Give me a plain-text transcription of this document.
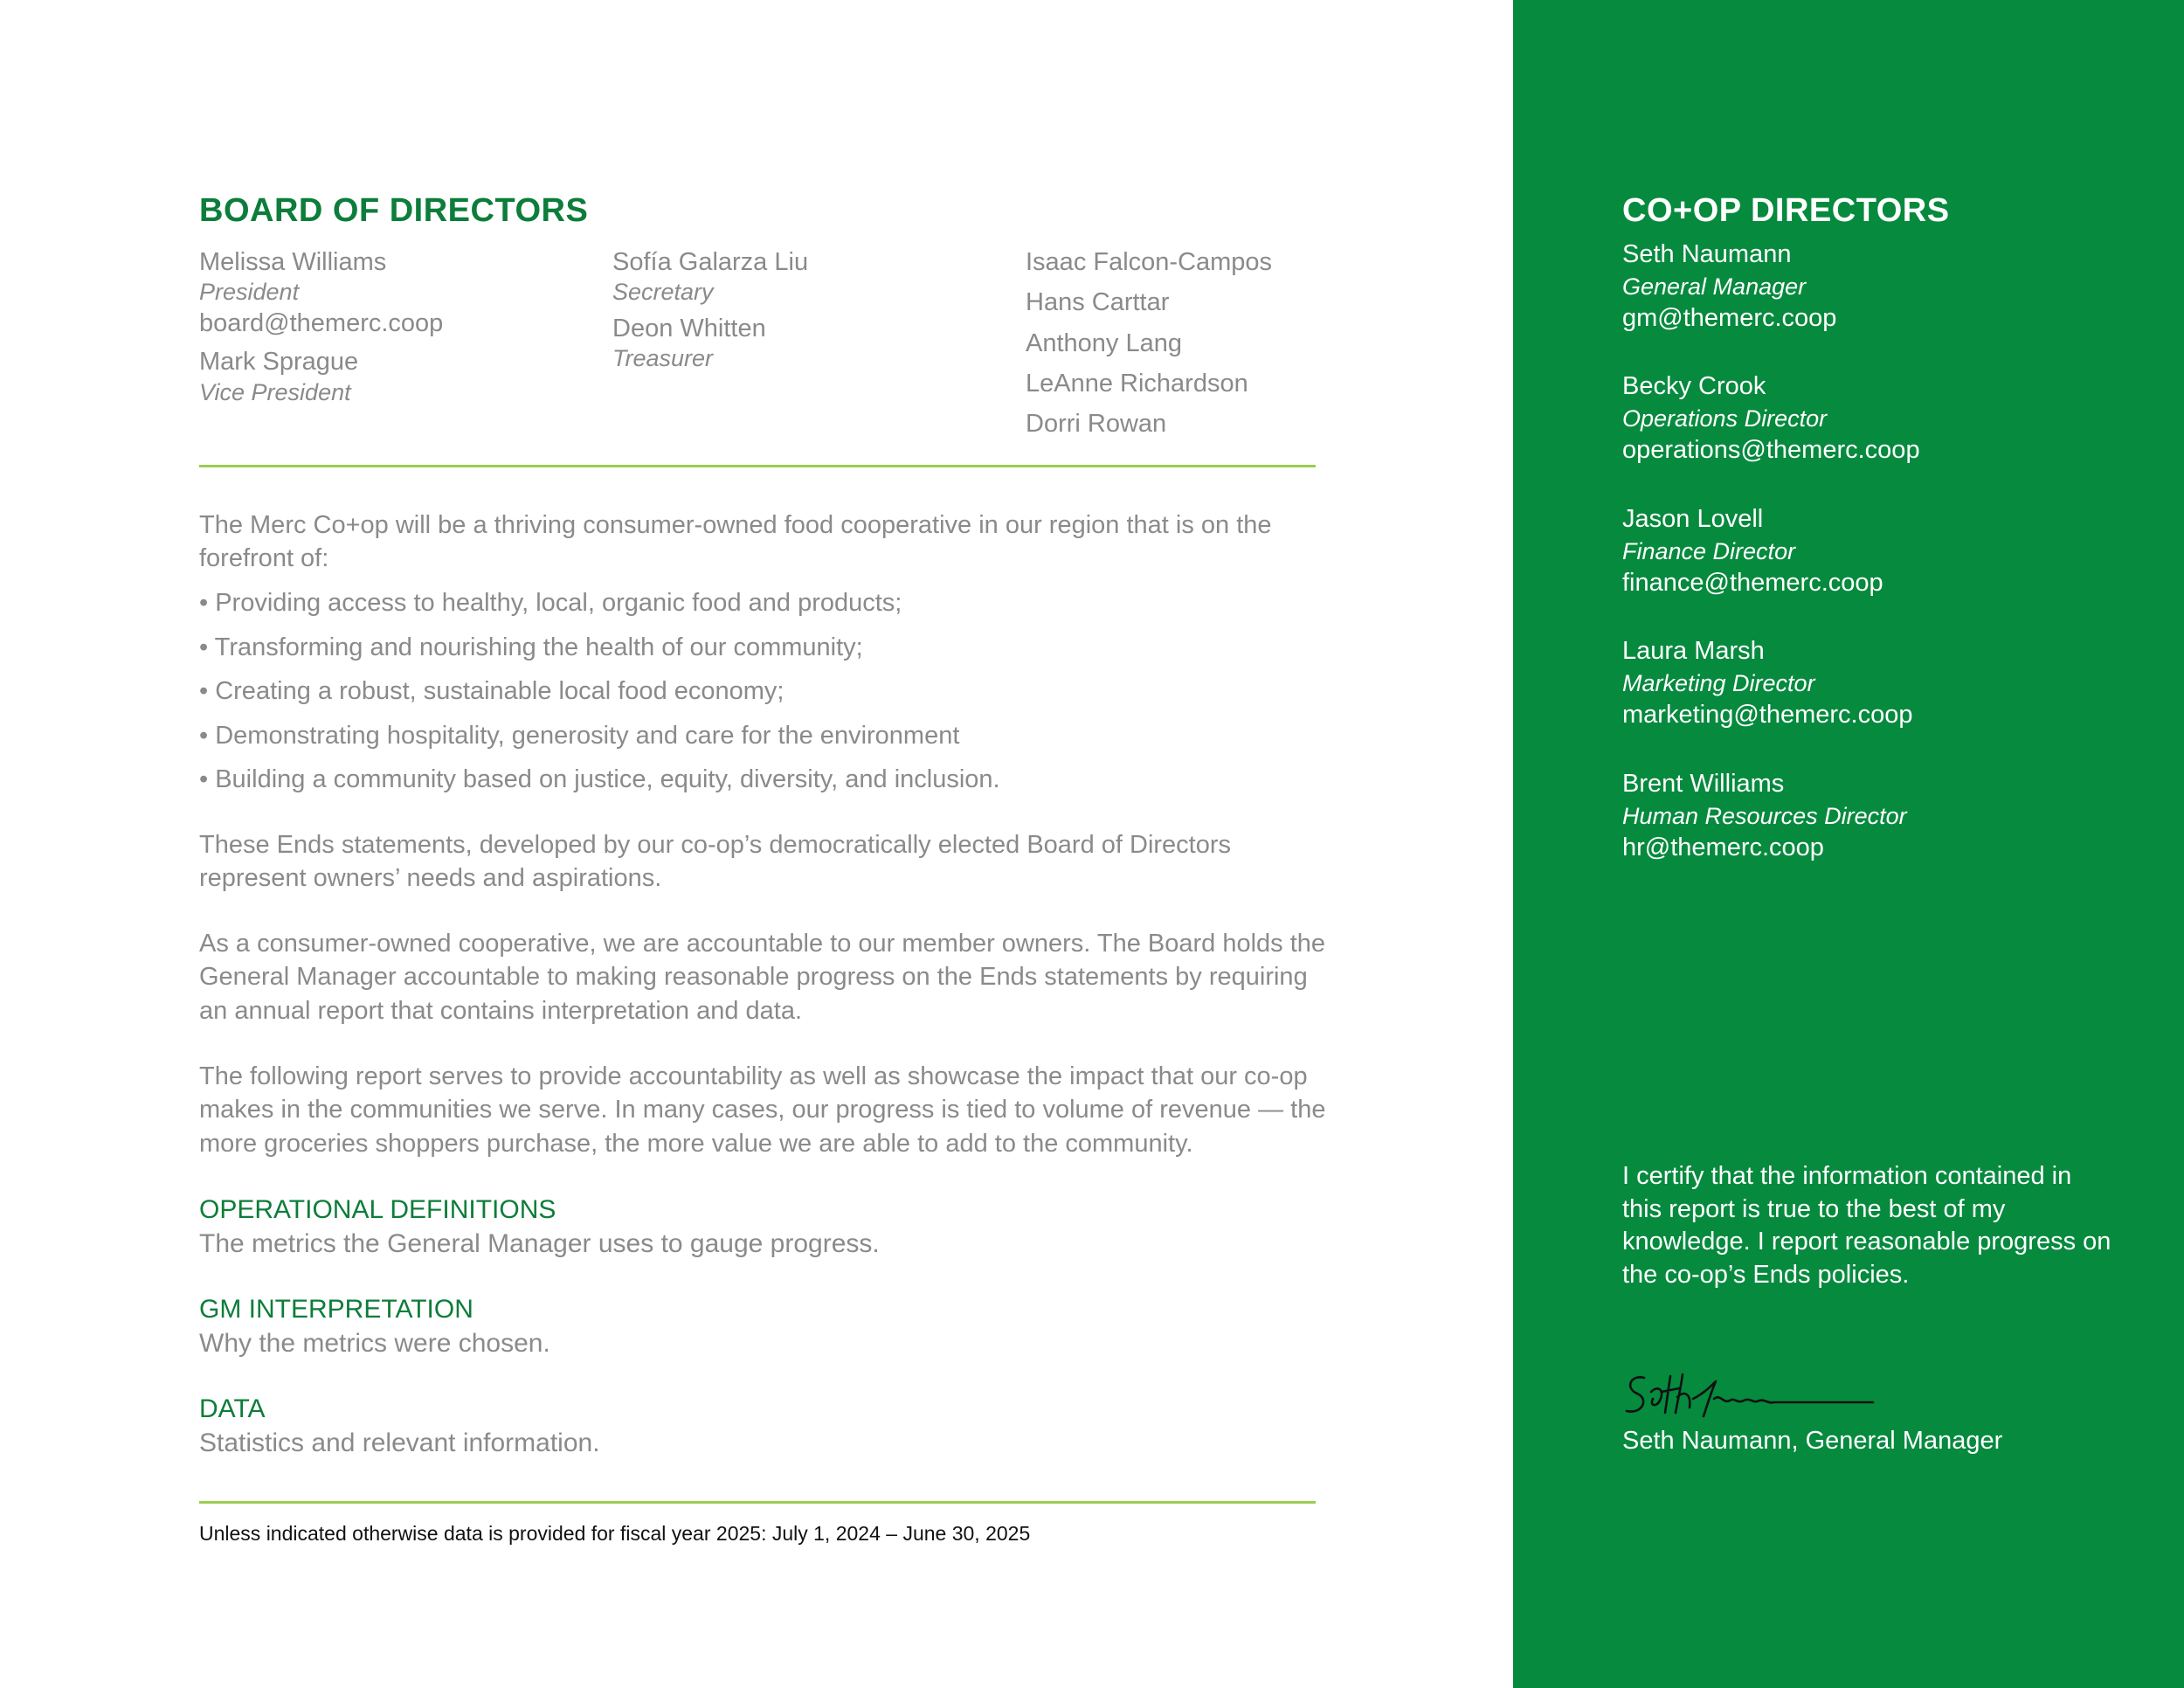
BOARD OF DIRECTORS
Melissa Williams
President
board@themerc.coop
Mark Sprague
Vice President
Sofía Galarza Liu
Secretary
Deon Whitten
Treasurer
Isaac Falcon-Campos
Hans Carttar
Anthony Lang
LeAnne Richardson
Dorri Rowan

The Merc Co+op will be a thriving consumer-owned food cooperative in our region that is on the forefront of:

• Providing access to healthy, local, organic food and products;
• Transforming and nourishing the health of our community;
• Creating a robust, sustainable local food economy;
• Demonstrating hospitality, generosity and care for the environment
• Building a community based on justice, equity, diversity, and inclusion.

These Ends statements, developed by our co-op’s democratically elected Board of Directors represent owners’ needs and aspirations.

As a consumer-owned cooperative, we are accountable to our member owners. The Board holds the General Manager accountable to making reasonable progress on the Ends statements by requiring an annual report that contains interpretation and data.

The following report serves to provide accountability as well as showcase the impact that our co-op makes in the communities we serve. In many cases, our progress is tied to volume of revenue — the more groceries shoppers purchase, the more value we are able to add to the community.

OPERATIONAL DEFINITIONS
The metrics the General Manager uses to gauge progress.
GM INTERPRETATION
Why the metrics were chosen.
DATA
Statistics and relevant information.
Unless indicated otherwise data is provided for fiscal year 2025: July 1, 2024 – June 30, 2025
CO+OP DIRECTORS
Seth Naumann
General Manager
gm@themerc.coop
Becky Crook
Operations Director
operations@themerc.coop
Jason Lovell
Finance Director
finance@themerc.coop
Laura Marsh
Marketing Director
marketing@themerc.coop
Brent Williams
Human Resources Director
hr@themerc.coop

I certify that the information contained in this report is true to the best of my knowledge. I report reasonable progress on the co-op’s Ends policies.

Seth Naumann, General Manager
